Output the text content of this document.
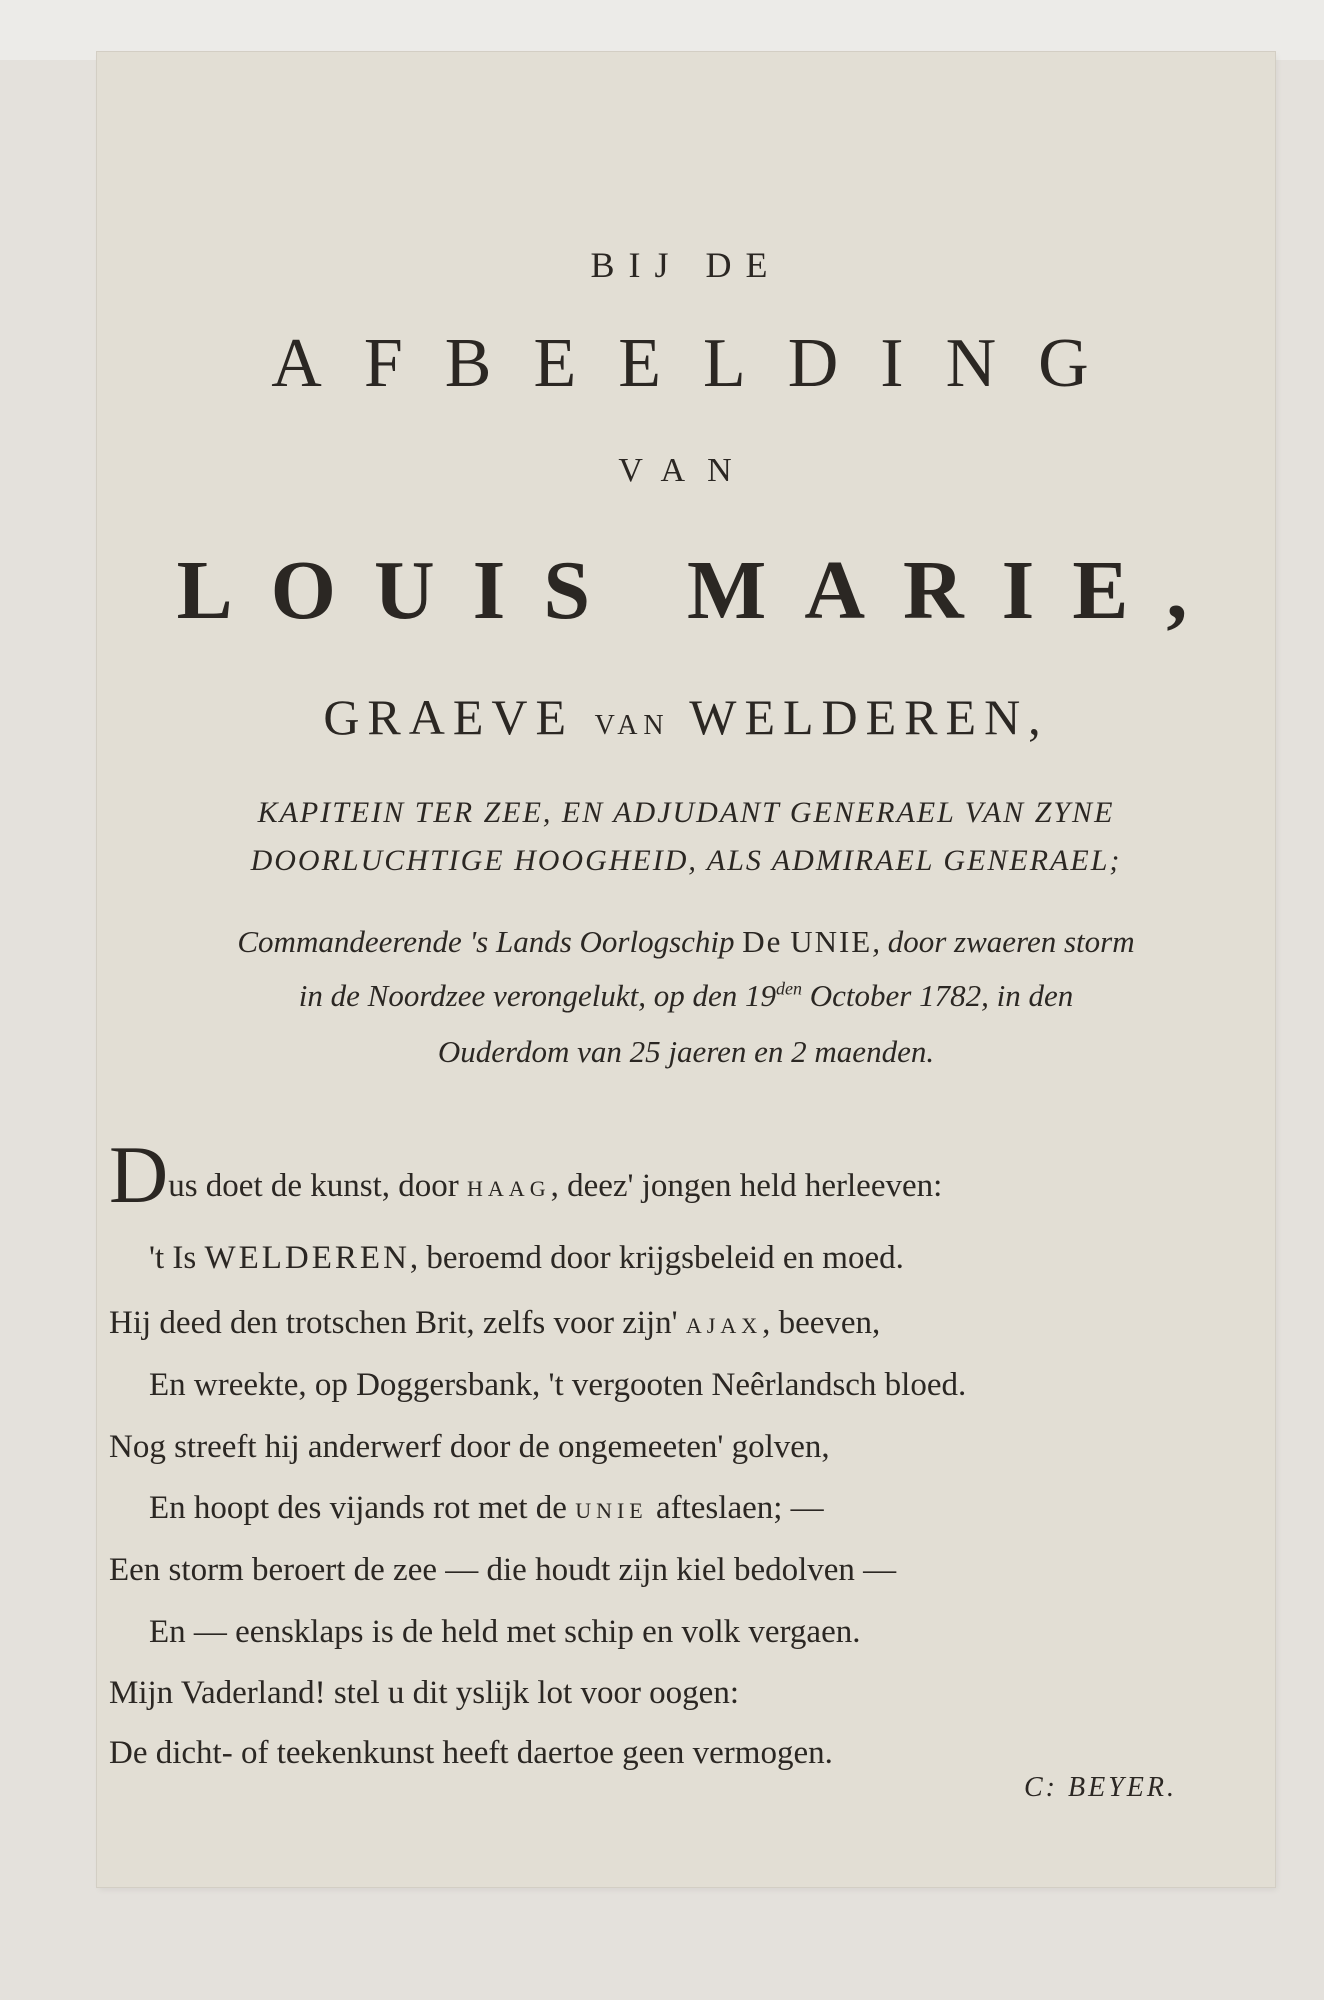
BIJ DE

AFBEELDING

VAN

LOUIS MARIE,

GRAEVE VAN WELDEREN,

KAPITEIN TER ZEE, EN ADJUDANT GENERAEL VAN ZYNE

DOORLUCHTIGE HOOGHEID, ALS ADMIRAEL GENERAEL;

Commandeerende 's Lands Oorlogschip De UNIE, door zwaeren storm

in de Noordzee verongelukt, op den $19^{den}$ October 1782, in den

Ouderdom van 25 jaeren en 2 maenden.

Dus doet de kunst, door HAAG, deez' jongen held herleeven:

't Is WELDEREN, beroemd door krijgsbeleid en moed.

Hij deed den trotschen Brit, zelfs voor zijn' AJAX, beeven,

En wreekte, op Doggersbank, 't vergooten Neêrlandsch bloed.

Nog streeft hij anderwerf door de ongemeeten' golven,

En hoopt des vijands rot met de UNIE afteslaen; —

Een storm beroert de zee — die houdt zijn kiel bedolven —

En — eensklaps is de held met schip en volk vergaen.

Mijn Vaderland! stel u dit yslijk lot voor oogen:

De dicht- of teekenkunst heeft daertoe geen vermogen.

C: BEYER.
